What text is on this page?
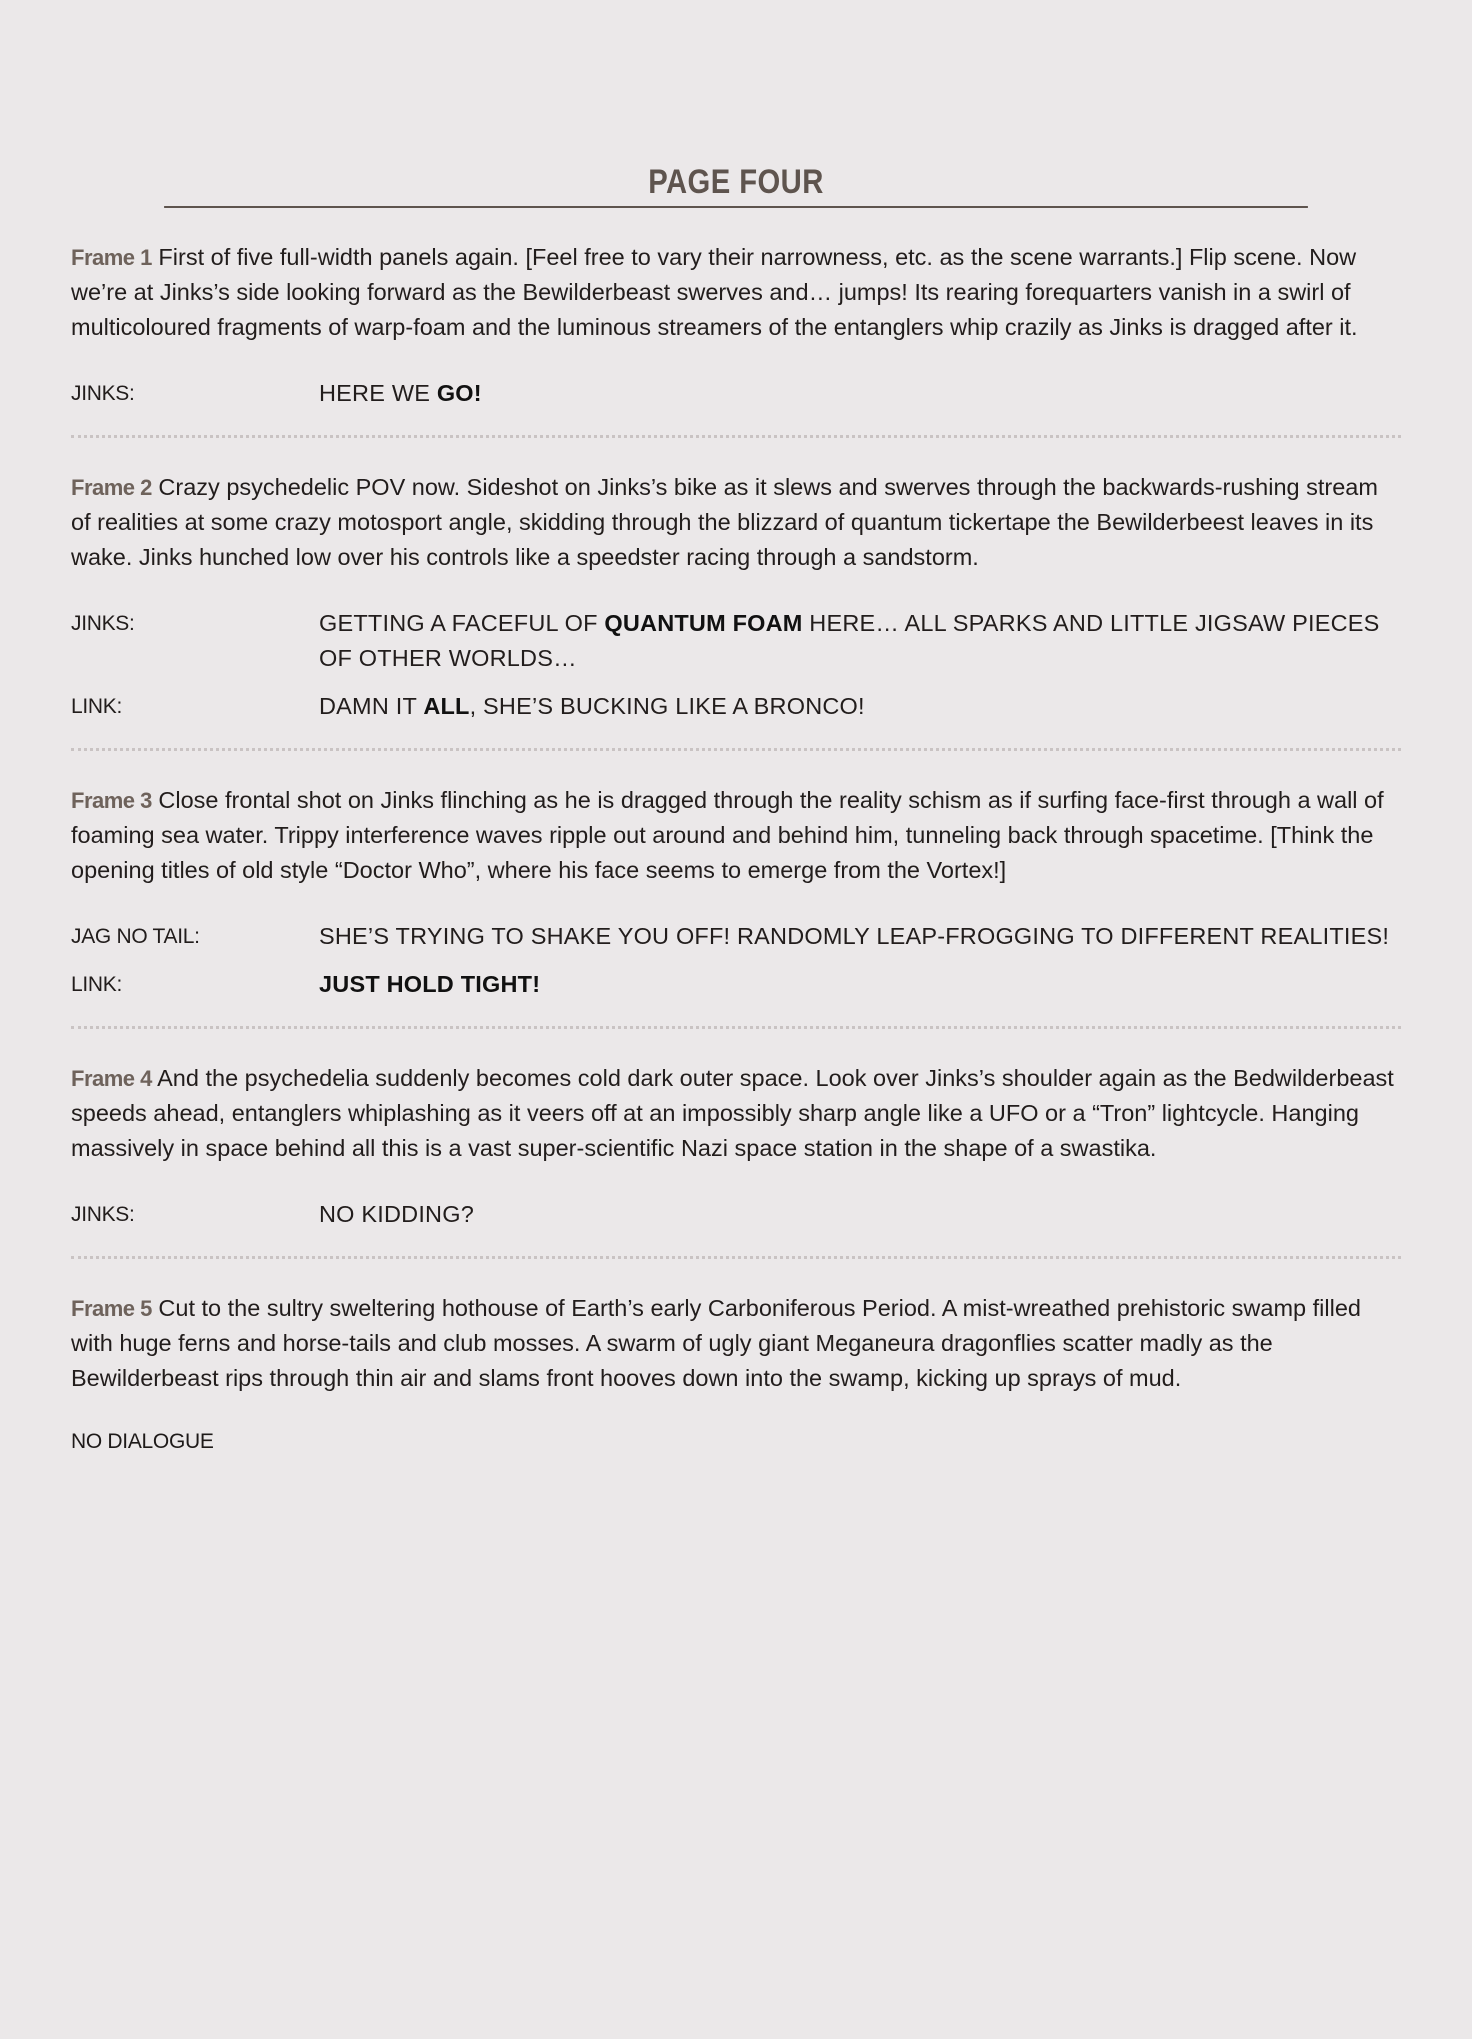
PAGE FOUR
Frame 1 First of five full-width panels again. [Feel free to vary their narrowness, etc. as the scene warrants.] Flip scene. Now we’re at Jinks’s side looking forward as the Bewilderbeast swerves and… jumps! Its rearing forequarters vanish in a swirl of multicoloured fragments of warp-foam and the luminous streamers of the entanglers whip crazily as Jinks is dragged after it.
JINKS:	HERE WE GO!
Frame 2 Crazy psychedelic POV now. Sideshot on Jinks’s bike as it slews and swerves through the backwards-rushing stream of realities at some crazy motosport angle, skidding through the blizzard of quantum tickertape the Bewilderbeest leaves in its wake. Jinks hunched low over his controls like a speedster racing through a sandstorm.
JINKS:	GETTING A FACEFUL OF QUANTUM FOAM HERE… ALL SPARKS AND LITTLE JIGSAW PIECES OF OTHER WORLDS…
LINK:	DAMN IT ALL, SHE’S BUCKING LIKE A BRONCO!
Frame 3 Close frontal shot on Jinks flinching as he is dragged through the reality schism as if surfing face-first through a wall of foaming sea water. Trippy interference waves ripple out around and behind him, tunneling back through spacetime. [Think the opening titles of old style “Doctor Who”, where his face seems to emerge from the Vortex!]
JAG NO TAIL:	SHE’S TRYING TO SHAKE YOU OFF! RANDOMLY LEAP-FROGGING TO DIFFERENT REALITIES!
LINK:	JUST HOLD TIGHT!
Frame 4 And the psychedelia suddenly becomes cold dark outer space. Look over Jinks’s shoulder again as the Bedwilderbeast speeds ahead, entanglers whiplashing as it veers off at an impossibly sharp angle like a UFO or a “Tron” lightcycle. Hanging massively in space behind all this is a vast super-scientific Nazi space station in the shape of a swastika.
JINKS:	NO KIDDING?
Frame 5 Cut to the sultry sweltering hothouse of Earth’s early Carboniferous Period. A mist-wreathed prehistoric swamp filled with huge ferns and horse-tails and club mosses. A swarm of ugly giant Meganeura dragonflies scatter madly as the Bewilderbeast rips through thin air and slams front hooves down into the swamp, kicking up sprays of mud.
NO DIALOGUE
